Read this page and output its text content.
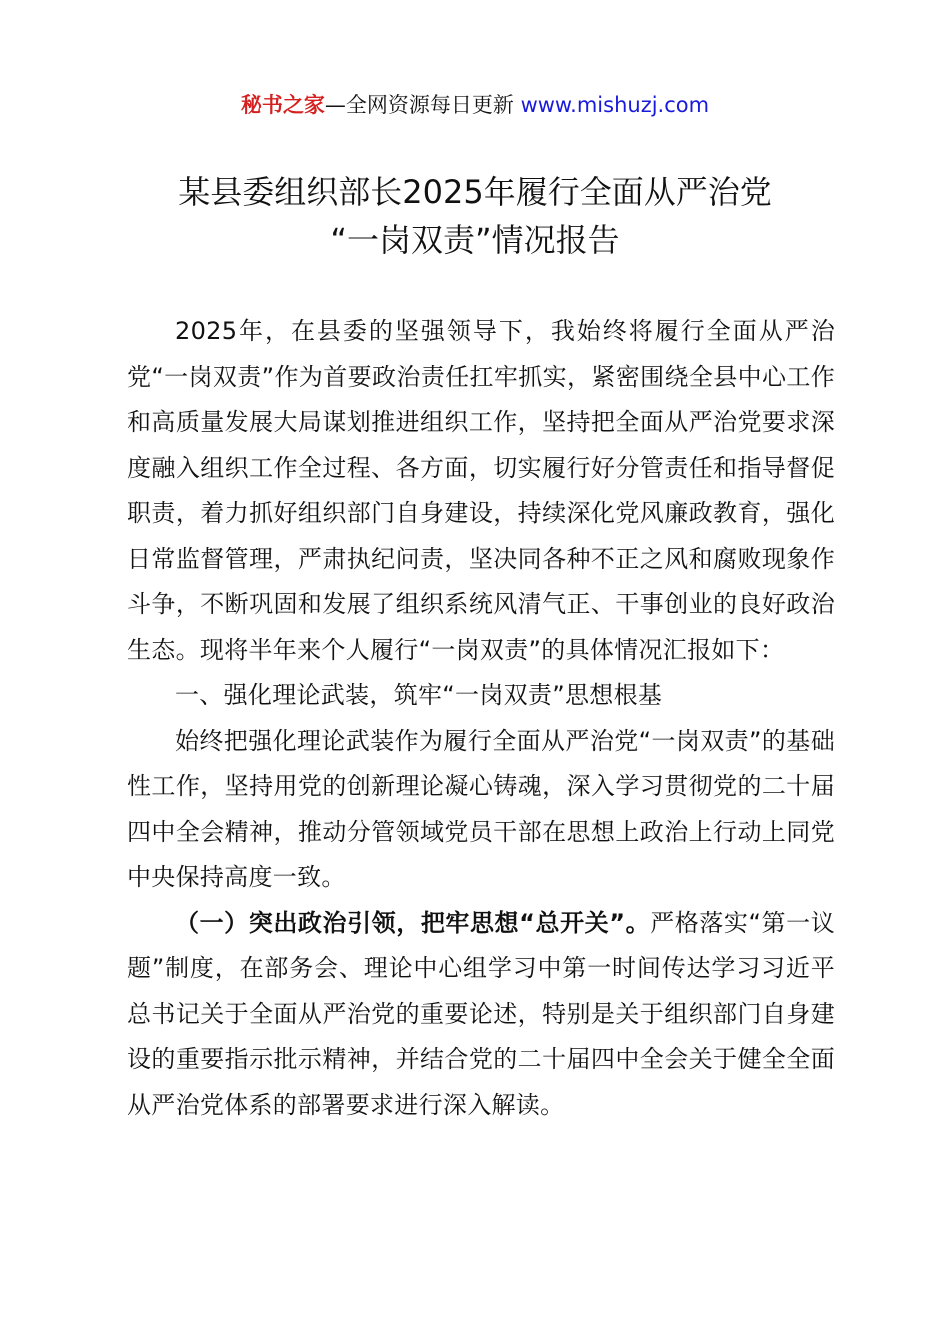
秘书之家—全网资源每日更新 www.mishuzj.com
某县委组织部长2025年履行全面从严治党
“一岗双责”情况报告

2025年，在县委的坚强领导下，我始终将履行全面从严治党“一岗双责”作为首要政治责任扛牢抓实，紧密围绕全县中心工作和高质量发展大局谋划推进组织工作，坚持把全面从严治党要求深度融入组织工作全过程、各方面，切实履行好分管责任和指导督促职责，着力抓好组织部门自身建设，持续深化党风廉政教育，强化日常监督管理，严肃执纪问责，坚决同各种不正之风和腐败现象作斗争，不断巩固和发展了组织系统风清气正、干事创业的良好政治生态。现将半年来个人履行“一岗双责”的具体情况汇报如下：

一、强化理论武装，筑牢“一岗双责”思想根基

始终把强化理论武装作为履行全面从严治党“一岗双责”的基础性工作，坚持用党的创新理论凝心铸魂，深入学习贯彻党的二十届四中全会精神，推动分管领域党员干部在思想上政治上行动上同党中央保持高度一致。

（一）突出政治引领，把牢思想“总开关”。严格落实“第一议题”制度，在部务会、理论中心组学习中第一时间传达学习习近平总书记关于全面从严治党的重要论述，特别是关于组织部门自身建设的重要指示批示精神，并结合党的二十届四中全会关于健全全面从严治党体系的部署要求进行深入解读。
